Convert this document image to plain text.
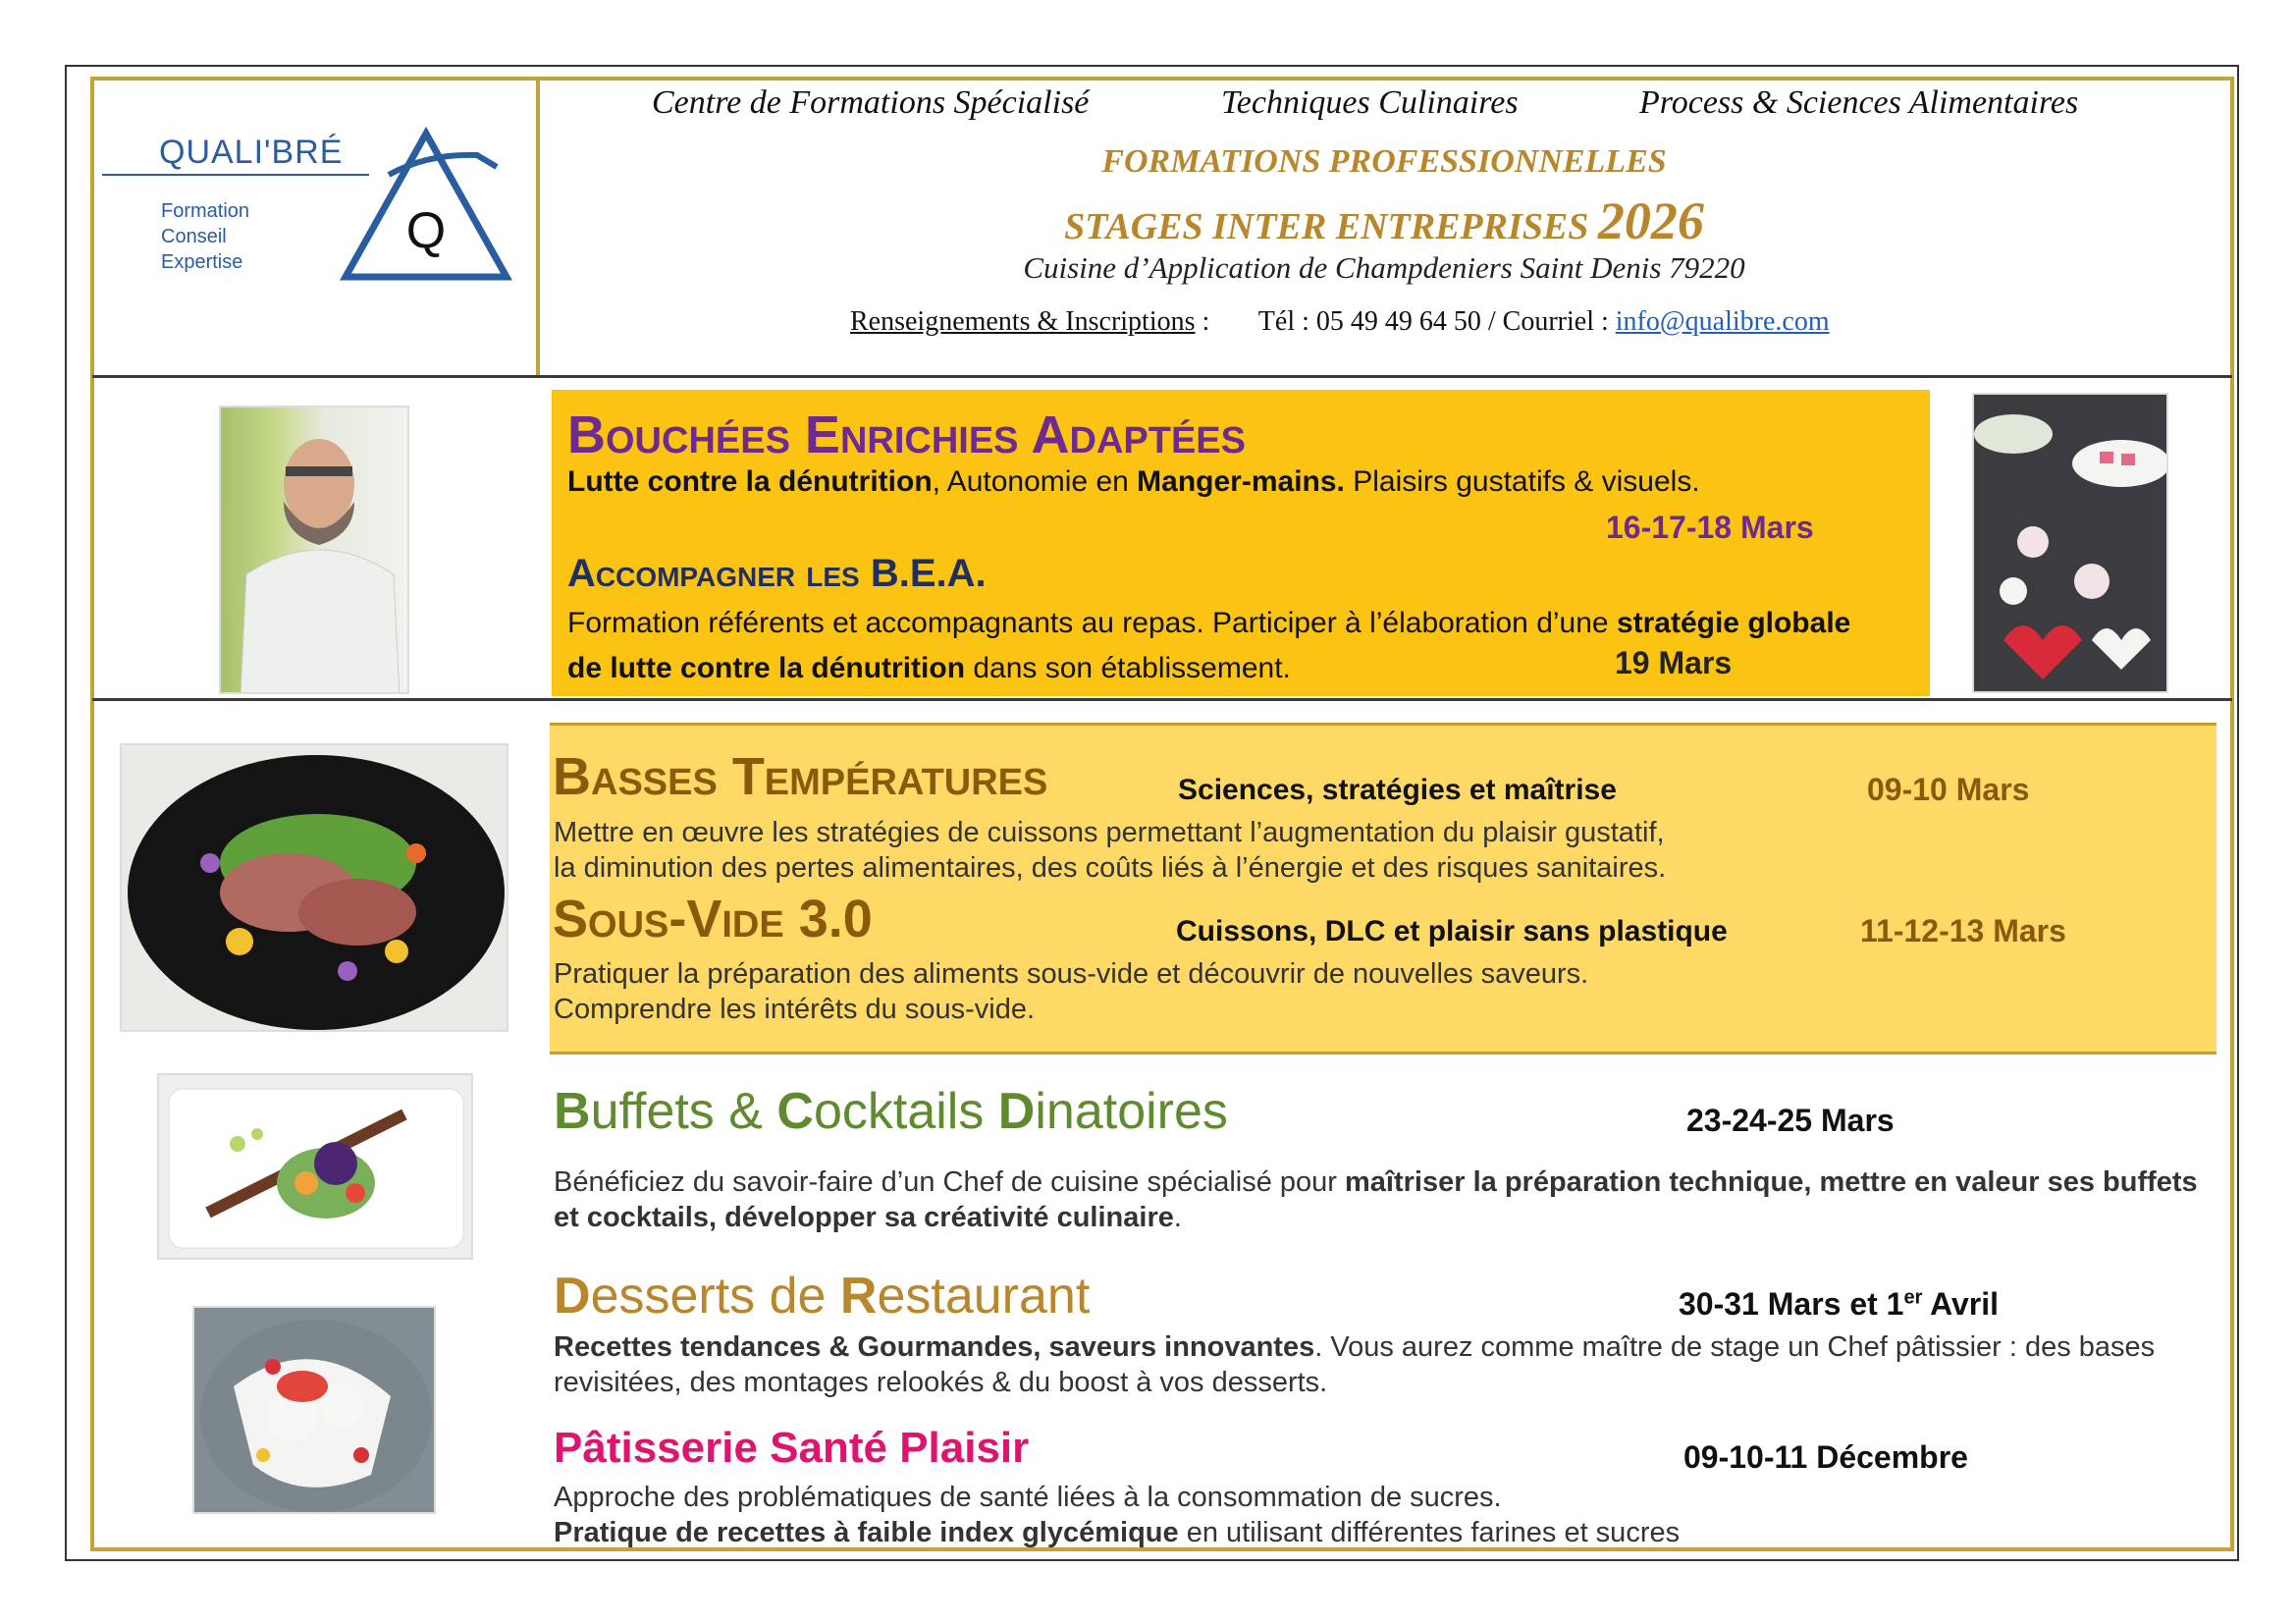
QUALI'BRÉ
Formation
Conseil
Expertise
Q
Centre de Formations Spécialisé	Techniques Culinaires	Process & Sciences Alimentaires
FORMATIONS PROFESSIONNELLES
STAGES INTER ENTREPRISES 2026
Cuisine d’Application de Champdeniers Saint Denis 79220
Renseignements & Inscriptions : Tél : 05 49 49 64 50 / Courriel : info@qualibre.com
Bouchées Enrichies Adaptées
Lutte contre la dénutrition, Autonomie en Manger-mains. Plaisirs gustatifs & visuels.
16-17-18 Mars
Accompagner les B.E.A.
Formation référents et accompagnants au repas. Participer à l’élaboration d’une stratégie globale de lutte contre la dénutrition dans son établissement.	19 Mars
Basses Températures	Sciences, stratégies et maîtrise	09-10 Mars
Mettre en œuvre les stratégies de cuissons permettant l’augmentation du plaisir gustatif,
la diminution des pertes alimentaires, des coûts liés à l’énergie et des risques sanitaires.
Sous-Vide 3.0	Cuissons, DLC et plaisir sans plastique	11-12-13 Mars
Pratiquer la préparation des aliments sous-vide et découvrir de nouvelles saveurs.
Comprendre les intérêts du sous-vide.
Buffets & Cocktails Dinatoires	23-24-25 Mars
Bénéficiez du savoir-faire d’un Chef de cuisine spécialisé pour maîtriser la préparation technique, mettre en valeur ses buffets et cocktails, développer sa créativité culinaire.
Desserts de Restaurant	30-31 Mars et 1er Avril
Recettes tendances & Gourmandes, saveurs innovantes. Vous aurez comme maître de stage un Chef pâtissier : des bases revisitées, des montages relookés & du boost à vos desserts.
Pâtisserie Santé Plaisir	09-10-11 Décembre
Approche des problématiques de santé liées à la consommation de sucres.
Pratique de recettes à faible index glycémique en utilisant différentes farines et sucres
